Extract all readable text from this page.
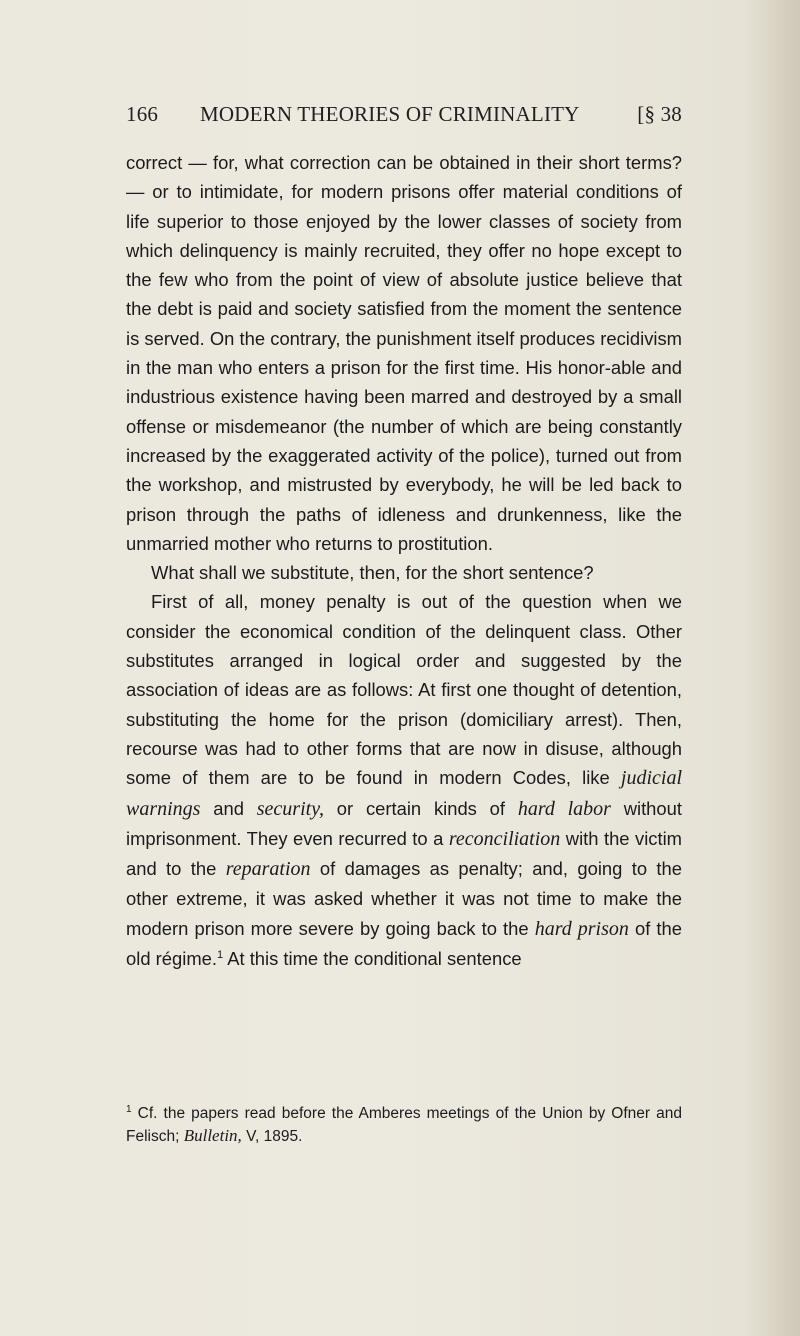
166 MODERN THEORIES OF CRIMINALITY	[§ 38

correct — for, what correction can be obtained in their short terms? — or to intimidate, for modern prisons offer material conditions of life superior to those enjoyed by the lower classes of society from which delinquency is mainly recruited, they offer no hope except to the few who from the point of view of absolute justice believe that the debt is paid and society satisfied from the moment the sentence is served. On the contrary, the punishment itself produces recidivism in the man who enters a prison for the first time. His honor-able and industrious existence having been marred and destroyed by a small offense or misdemeanor (the number of which are being constantly increased by the exaggerated activity of the police), turned out from the workshop, and mistrusted by everybody, he will be led back to prison through the paths of idleness and drunkenness, like the unmarried mother who returns to prostitution.

What shall we substitute, then, for the short sentence?

First of all, money penalty is out of the question when we consider the economical condition of the delinquent class. Other substitutes arranged in logical order and suggested by the association of ideas are as follows: At first one thought of detention, substituting the home for the prison (domiciliary arrest). Then, recourse was had to other forms that are now in disuse, although some of them are to be found in modern Codes, like judicial warnings and security, or certain kinds of hard labor without imprisonment. They even recurred to a reconciliation with the victim and to the reparation of damages as penalty; and, going to the other extreme, it was asked whether it was not time to make the modern prison more severe by going back to the hard prison of the old régime.$^1$ At this time the conditional sentence

$^1$ Cf. the papers read before the Amberes meetings of the Union by Ofner and Felisch; Bulletin, V, 1895.
